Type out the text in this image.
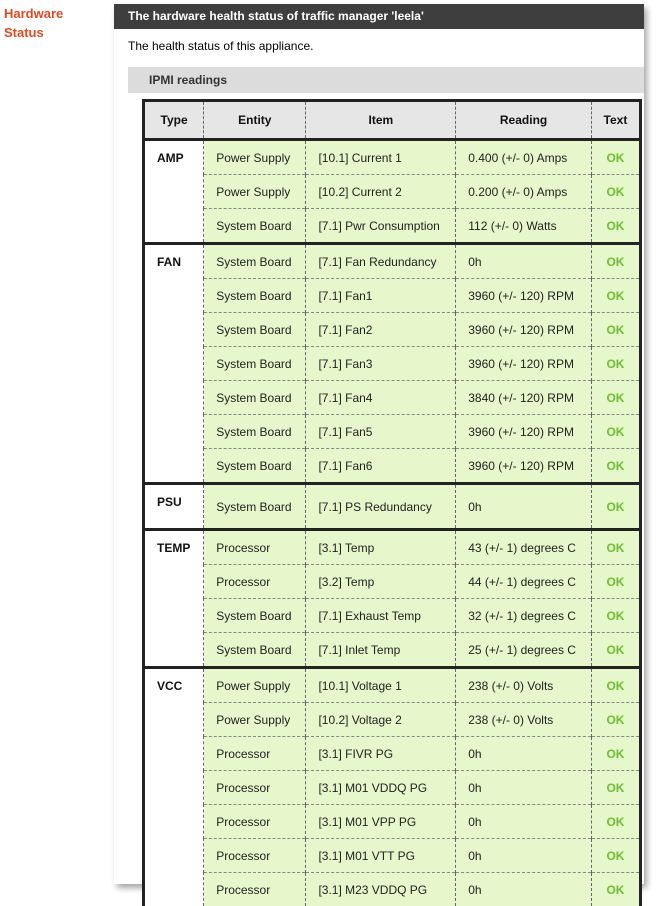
Hardware Status
The hardware health status of traffic manager 'leela'
The health status of this appliance.
IPMI readings
Type	Entity	Item	Reading	Text
AMP	Power Supply	[10.1] Current 1	0.400 (+/- 0) Amps	OK
	Power Supply	[10.2] Current 2	0.200 (+/- 0) Amps	OK
	System Board	[7.1] Pwr Consumption	112 (+/- 0) Watts	OK
FAN	System Board	[7.1] Fan Redundancy	0h	OK
	System Board	[7.1] Fan1	3960 (+/- 120) RPM	OK
	System Board	[7.1] Fan2	3960 (+/- 120) RPM	OK
	System Board	[7.1] Fan3	3960 (+/- 120) RPM	OK
	System Board	[7.1] Fan4	3840 (+/- 120) RPM	OK
	System Board	[7.1] Fan5	3960 (+/- 120) RPM	OK
	System Board	[7.1] Fan6	3960 (+/- 120) RPM	OK
PSU	System Board	[7.1] PS Redundancy	0h	OK
TEMP	Processor	[3.1] Temp	43 (+/- 1) degrees C	OK
	Processor	[3.2] Temp	44 (+/- 1) degrees C	OK
	System Board	[7.1] Exhaust Temp	32 (+/- 1) degrees C	OK
	System Board	[7.1] Inlet Temp	25 (+/- 1) degrees C	OK
VCC	Power Supply	[10.1] Voltage 1	238 (+/- 0) Volts	OK
	Power Supply	[10.2] Voltage 2	238 (+/- 0) Volts	OK
	Processor	[3.1] FIVR PG	0h	OK
	Processor	[3.1] M01 VDDQ PG	0h	OK
	Processor	[3.1] M01 VPP PG	0h	OK
	Processor	[3.1] M01 VTT PG	0h	OK
	Processor	[3.1] M23 VDDQ PG	0h	OK
